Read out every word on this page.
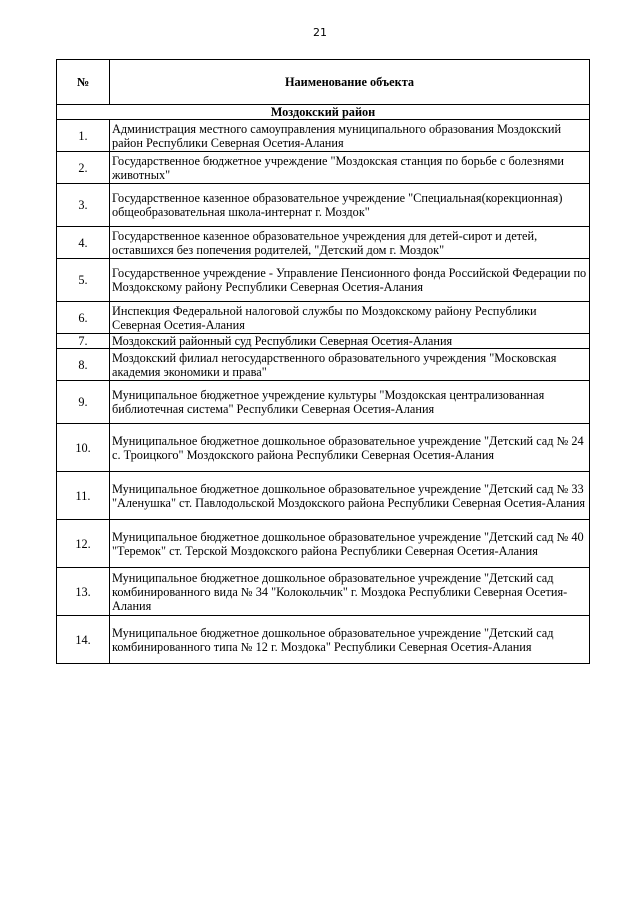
21
№	Наименование объекта
Моздокский район	
1.	Администрация местного самоуправления муниципального образования Моздокский район Республики Северная Осетия-Алания
2.	Государственное бюджетное учреждение "Моздокская станция по борьбе с болезнями животных"
3.	Государственное казенное образовательное учреждение "Специальная(корекционная) общеобразовательная школа-интернат г. Моздок"
4.	Государственное казенное образовательное учреждения для детей-сирот и детей, оставшихся без попечения родителей, "Детский дом г. Моздок"
5.	Государственное учреждение - Управление Пенсионного фонда Российской Федерации по Моздокскому району Республики Северная Осетия-Алания
6.	Инспекция Федеральной налоговой службы по Моздокскому району Республики Северная Осетия-Алания
7.	Моздокский районный суд Республики Северная Осетия-Алания
8.	Моздокский филиал негосударственного образовательного учреждения "Московская академия экономики и права"
9.	Муниципальное бюджетное учреждение культуры "Моздокская централизованная библиотечная система" Республики Северная Осетия-Алания
10.	Муниципальное бюджетное дошкольное образовательное учреждение "Детский сад № 24 с. Троицкого" Моздокского района Республики Северная Осетия-Алания
11.	Муниципальное бюджетное дошкольное образовательное учреждение "Детский сад № 33 "Аленушка" ст. Павлодольской Моздокского района Республики Северная Осетия-Алания
12.	Муниципальное бюджетное дошкольное образовательное учреждение "Детский сад № 40 "Теремок" ст. Терской Моздокского района Республики Северная Осетия-Алания
13.	Муниципальное бюджетное дошкольное образовательное учреждение "Детский сад комбинированного вида № 34 "Колокольчик" г. Моздока Республики Северная Осетия-Алания
14.	Муниципальное бюджетное дошкольное образовательное учреждение "Детский сад комбинированного типа № 12 г. Моздока" Республики Северная Осетия-Алания
